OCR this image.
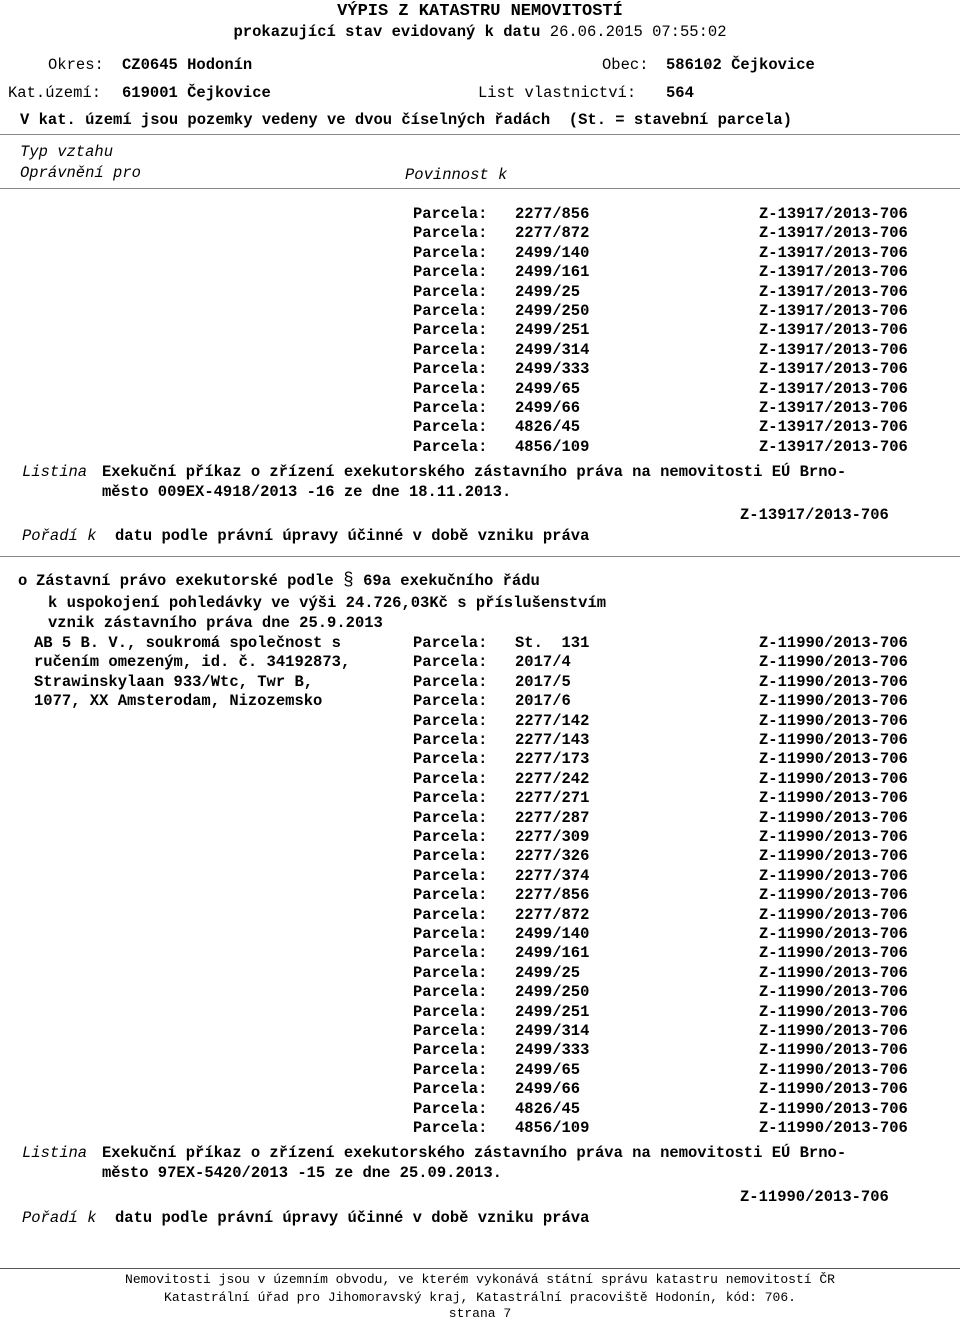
VÝPIS Z KATASTRU NEMOVITOSTÍ
prokazující stav evidovaný k datu 26.06.2015 07:55:02
Okres: CZ0645 Hodonín	Obec: 586102 Čejkovice
Kat.území: 619001 Čejkovice	List vlastnictví: 564
V kat. území jsou pozemky vedeny ve dvou číselných řadách  (St. = stavební parcela)
Typ vztahu
Oprávnění pro	Povinnost k
Parcela: 2277/856	Z-13917/2013-706
Parcela: 2277/872	Z-13917/2013-706
Parcela: 2499/140	Z-13917/2013-706
Parcela: 2499/161	Z-13917/2013-706
Parcela: 2499/25	Z-13917/2013-706
Parcela: 2499/250	Z-13917/2013-706
Parcela: 2499/251	Z-13917/2013-706
Parcela: 2499/314	Z-13917/2013-706
Parcela: 2499/333	Z-13917/2013-706
Parcela: 2499/65	Z-13917/2013-706
Parcela: 2499/66	Z-13917/2013-706
Parcela: 4826/45	Z-13917/2013-706
Parcela: 4856/109	Z-13917/2013-706
Listina Exekuční příkaz o zřízení exekutorského zástavního práva na nemovitosti EÚ Brno-
město 009EX-4918/2013 -16 ze dne 18.11.2013.
Z-13917/2013-706
Pořadí k datu podle právní úpravy účinné v době vzniku práva
o Zástavní právo exekutorské podle § 69a exekučního řádu
k uspokojení pohledávky ve výši 24.726,03Kč s příslušenstvím
vznik zástavního práva dne 25.9.2013
AB 5 B. V., soukromá společnost s
ručením omezeným, id. č. 34192873,
Strawinskylaan 933/Wtc, Twr B,
1077, XX Amsterodam, Nizozemsko
Parcela: St.  131	Z-11990/2013-706
Parcela: 2017/4	Z-11990/2013-706
Parcela: 2017/5	Z-11990/2013-706
Parcela: 2017/6	Z-11990/2013-706
Parcela: 2277/142	Z-11990/2013-706
Parcela: 2277/143	Z-11990/2013-706
Parcela: 2277/173	Z-11990/2013-706
Parcela: 2277/242	Z-11990/2013-706
Parcela: 2277/271	Z-11990/2013-706
Parcela: 2277/287	Z-11990/2013-706
Parcela: 2277/309	Z-11990/2013-706
Parcela: 2277/326	Z-11990/2013-706
Parcela: 2277/374	Z-11990/2013-706
Parcela: 2277/856	Z-11990/2013-706
Parcela: 2277/872	Z-11990/2013-706
Parcela: 2499/140	Z-11990/2013-706
Parcela: 2499/161	Z-11990/2013-706
Parcela: 2499/25	Z-11990/2013-706
Parcela: 2499/250	Z-11990/2013-706
Parcela: 2499/251	Z-11990/2013-706
Parcela: 2499/314	Z-11990/2013-706
Parcela: 2499/333	Z-11990/2013-706
Parcela: 2499/65	Z-11990/2013-706
Parcela: 2499/66	Z-11990/2013-706
Parcela: 4826/45	Z-11990/2013-706
Parcela: 4856/109	Z-11990/2013-706
Listina Exekuční příkaz o zřízení exekutorského zástavního práva na nemovitosti EÚ Brno-
město 97EX-5420/2013 -15 ze dne 25.09.2013.
Z-11990/2013-706
Pořadí k datu podle právní úpravy účinné v době vzniku práva
Nemovitosti jsou v územním obvodu, ve kterém vykonává státní správu katastru nemovitostí ČR
Katastrální úřad pro Jihomoravský kraj, Katastrální pracoviště Hodonín, kód: 706.
strana 7
